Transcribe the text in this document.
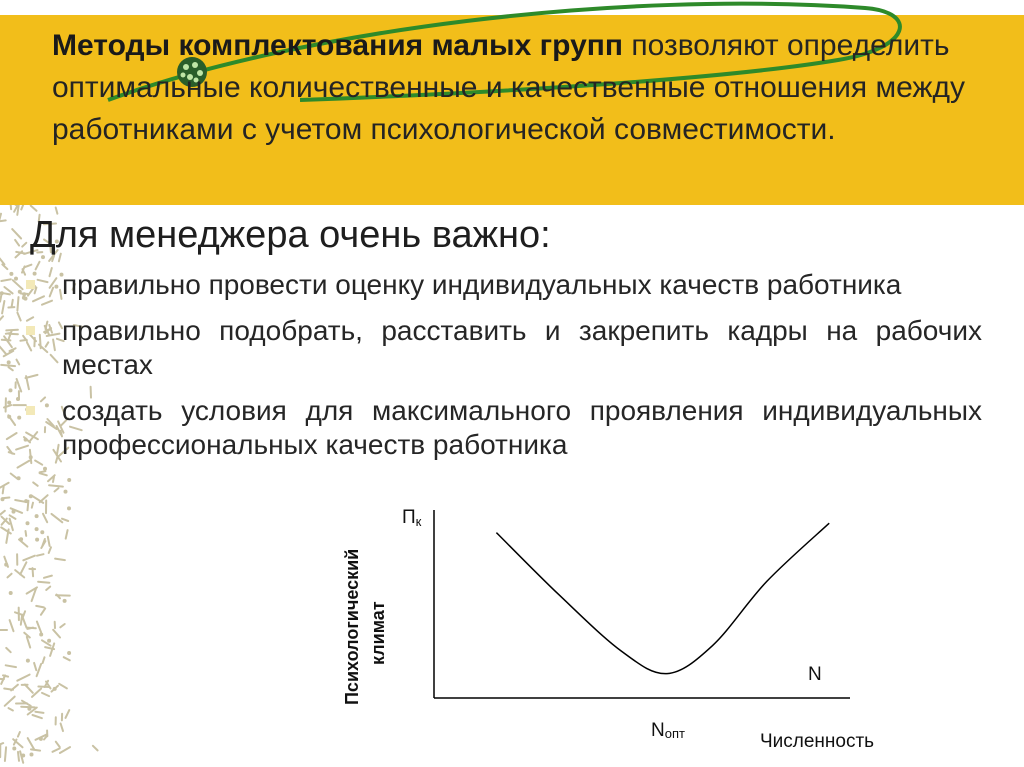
Методы комплектования малых групп позволяют определить оптимальные количественные и качественные отношения между работниками с учетом психологической совместимости.
Для менеджера очень важно:
правильно провести оценку индивидуальных качеств работника
правильно подобрать, расставить и закрепить кадры на рабочих местах
создать условия для максимального проявления индивидуальных профессиональных качеств работника
Психологический климат
Пк
N
Nопт	Численность
